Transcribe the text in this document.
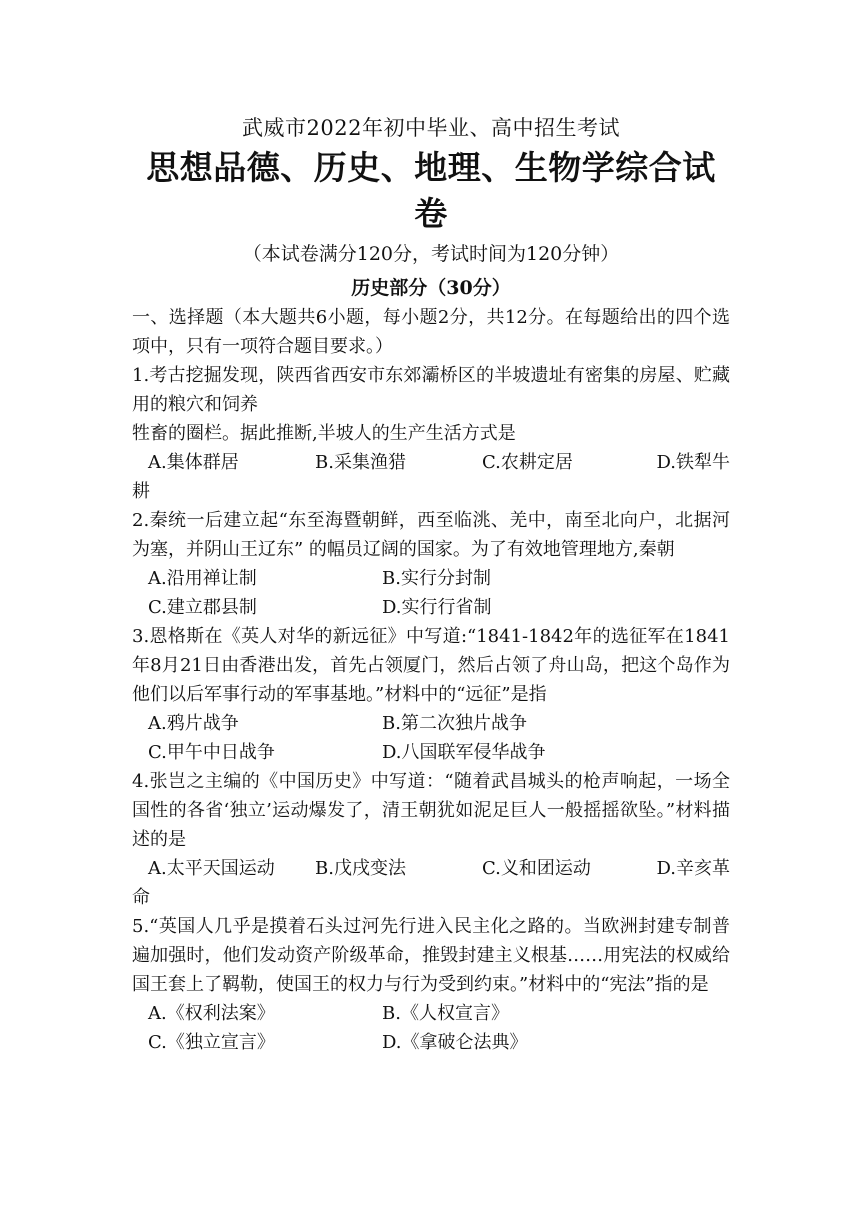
武威市2022年初中毕业、高中招生考试
思想品德、历史、地理、生物学综合试卷
（本试卷满分120分，考试时间为120分钟）
历史部分（30分）

一、选择题（本大题共6小题，每小题2分，共12分。在每题给出的四个选项中，只有一项符合题目要求。）

1.考古挖掘发现，陕西省西安市东郊灞桥区的半坡遗址有密集的房屋、贮藏用的粮穴和饲养

牲畜的圈栏。据此推断,半坡人的生产生活方式是

A.集体群居	B.采集渔猎	C.农耕定居	D.铁犁牛
耕

2.秦统一后建立起“东至海暨朝鲜，西至临洮、羌中，南至北向户，北据河为塞，并阴山王辽东” 的幅员辽阔的国家。为了有效地管理地方,秦朝

A.沿用禅让制	B.实行分封制
C.建立郡县制	D.实行行省制

3.恩格斯在《英人对华的新远征》中写道:“1841-1842年的选征军在1841年8月21日由香港出发，首先占领厦门，然后占领了舟山岛，把这个岛作为他们以后军事行动的军事基地。”材料中的“远征”是指

A.鸦片战争	B.第二次独片战争
C.甲午中日战争	D.八国联军侵华战争

4.张岂之主编的《中国历史》中写道：“随着武昌城头的枪声响起，一场全国性的各省‘独立’运动爆发了，清王朝犹如泥足巨人一般摇摇欲坠。”材料描述的是

A.太平天国运动	B.戊戌变法	C.义和团运动	D.辛亥革
命

5.“英国人几乎是摸着石头过河先行进入民主化之路的。当欧洲封建专制普遍加强时，他们发动资产阶级革命，推毁封建主义根基……用宪法的权威给国王套上了羁勒，使国王的权力与行为受到约束。”材料中的“宪法”指的是

A.《权利法案》	B.《人权宣言》
C.《独立宣言》	D.《拿破仑法典》
